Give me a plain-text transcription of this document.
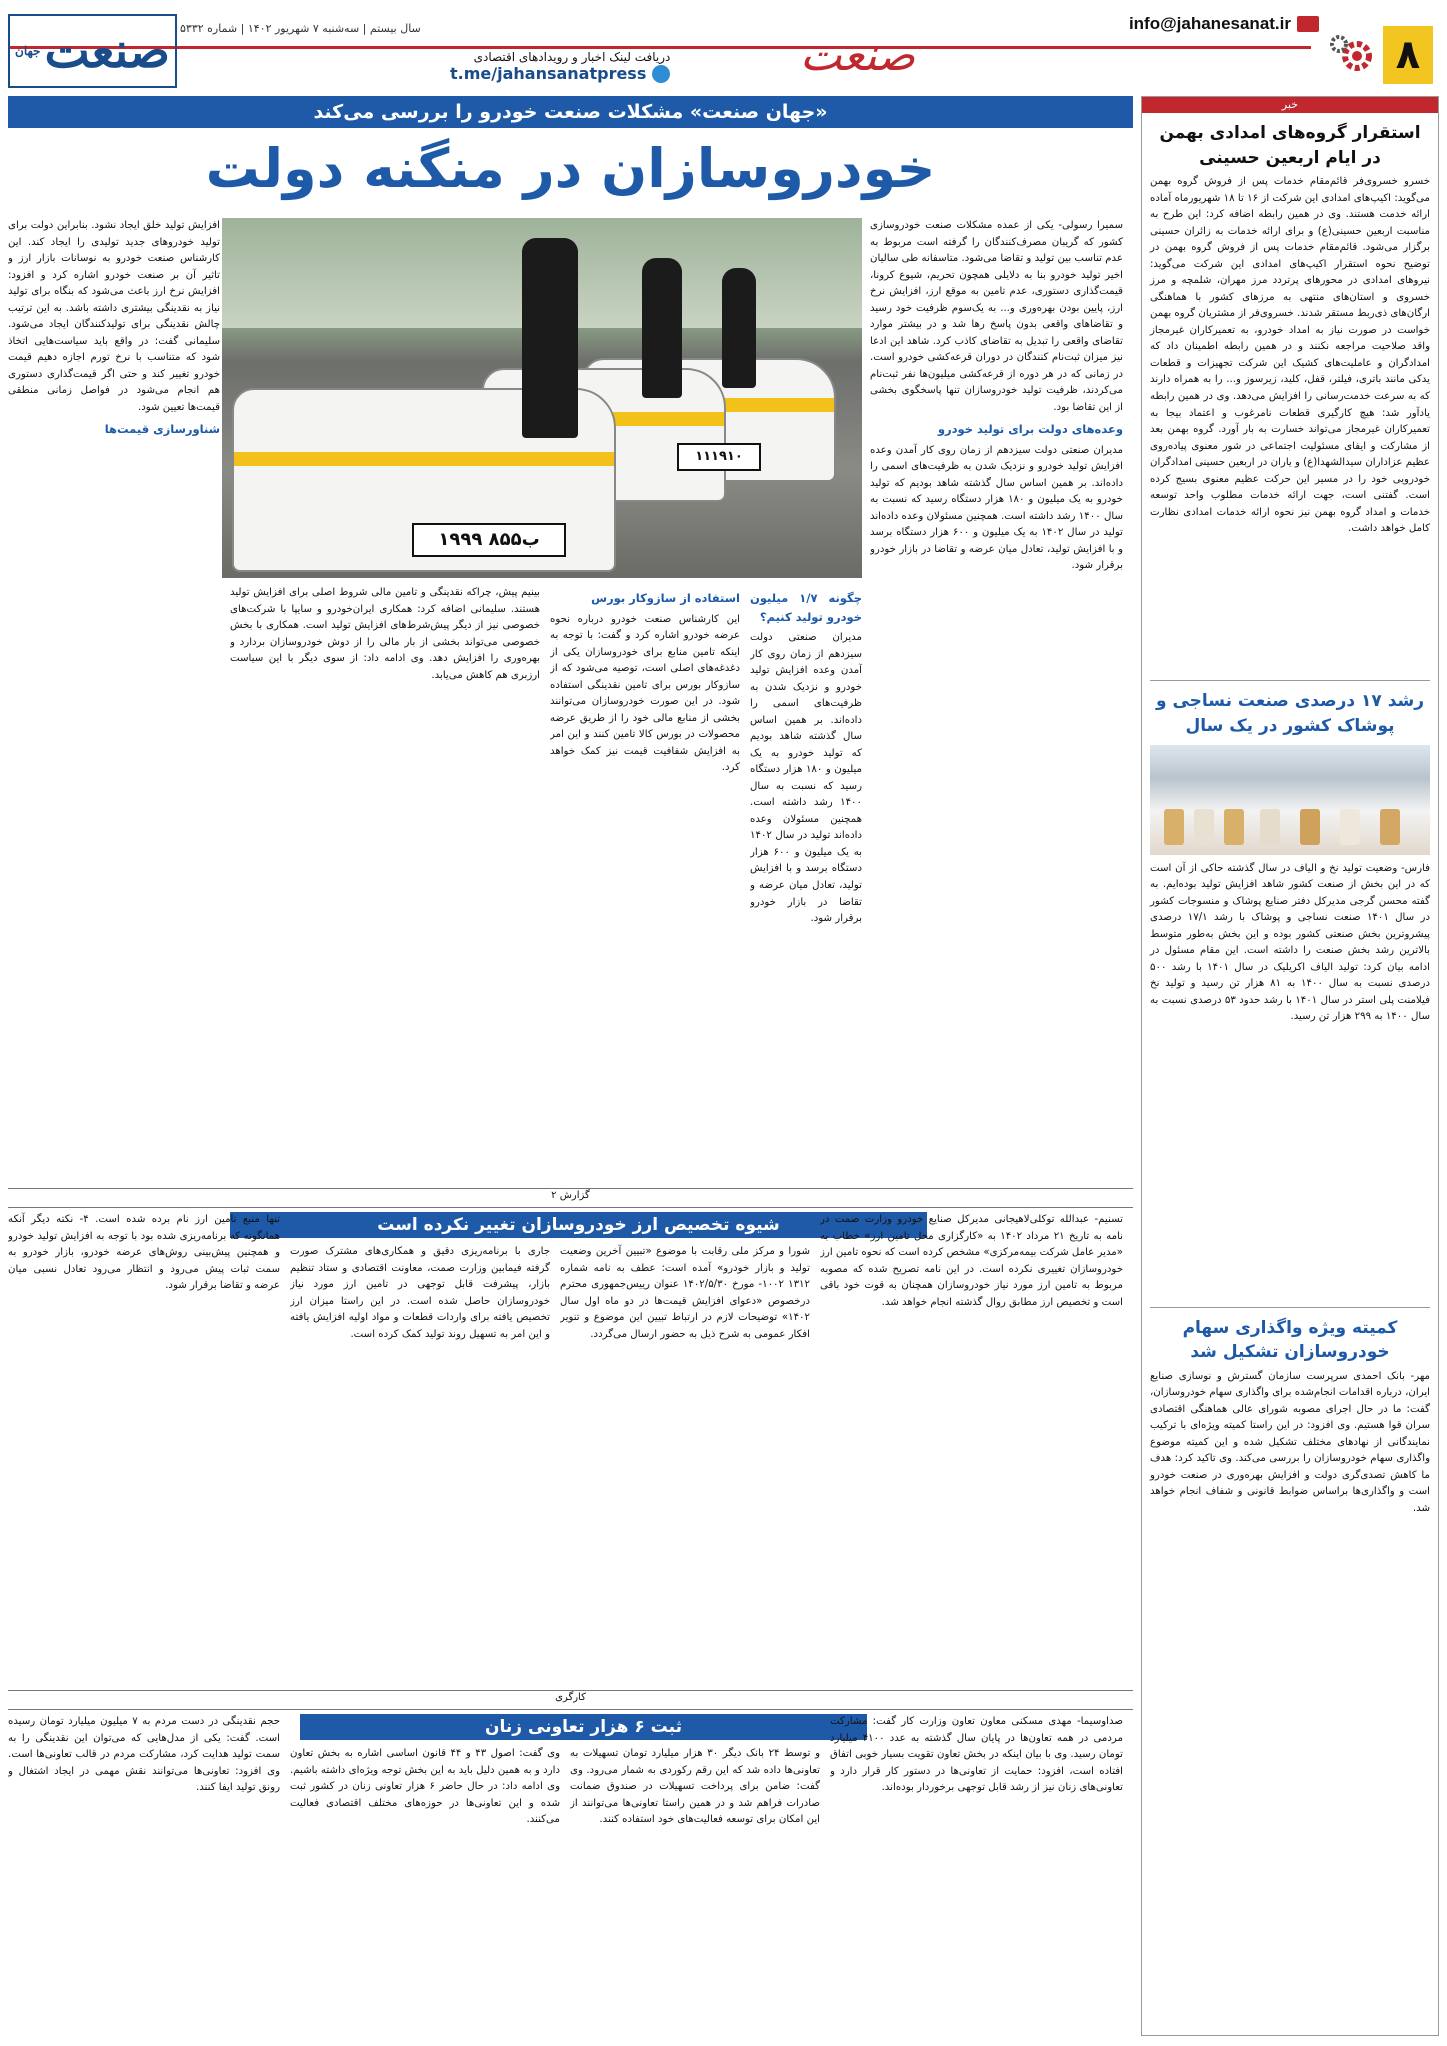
۸
info@jahanesanat.ir
صنعت
دریافت لینک اخبار و رویدادهای اقتصادی
t.me/jahansanatpress
سال بیستم | سه‌شنبه ۷ شهریور ۱۴۰۲ | شماره ۵۳۳۲
صنعت
جهان
خبر
استقرار گروه‌های امدادی بهمن در ایام اربعین حسینی
خسرو خسروی‌فر قائم‌مقام خدمات پس از فروش گروه بهمن می‌گوید: اکیپ‌های امدادی این شرکت از ۱۶ تا ۱۸ شهریورماه آماده ارائه خدمت هستند. وی در همین رابطه اضافه کرد: این طرح به مناسبت اربعین حسینی(ع) و برای ارائه خدمات به زائران حسینی برگزار می‌شود. قائم‌مقام خدمات پس از فروش گروه بهمن در توضیح نحوه استقرار اکیپ‌های امدادی این شرکت می‌گوید: نیروهای امدادی در محورهای پرتردد مرز مهران، شلمچه و مرز خسروی و استان‌های منتهی به مرزهای کشور با هماهنگی ارگان‌های ذی‌ربط مستقر شدند. خسروی‌فر از مشتریان گروه بهمن خواست در صورت نیاز به امداد خودرو، به تعمیرکاران غیرمجاز واقد صلاحیت مراجعه نکنند و در همین رابطه اطمینان داد که امدادگران و عاملیت‌های کشیک این شرکت تجهیزات و قطعات یدکی مانند باتری، فیلتر، قفل، کلید، زیرسوز و... را به همراه دارند که به سرعت خدمت‌رسانی را افزایش می‌دهد. وی در همین رابطه یادآور شد: هیچ کارگیری قطعات نامرغوب و اعتماد بیجا به تعمیرکاران غیرمجاز می‌تواند خسارت به بار آورد. گروه بهمن بعد از مشارکت و ایفای مسئولیت اجتماعی در شور معنوی پیاده‌روی عظیم عزاداران سیدالشهدا(ع) و یاران در اربعین حسینی امدادگران خودرویی خود را در مسیر این حرکت عظیم معنوی بسیج کرده است. گفتنی است، جهت ارائه خدمات مطلوب واحد توسعه خدمات و امداد گروه بهمن نیز نحوه ارائه خدمات امدادی نظارت کامل خواهد داشت.
رشد ۱۷ درصدی صنعت نساجی و پوشاک کشور در یک سال
فارس- وضعیت تولید نخ و الیاف در سال گذشته حاکی از آن است که در این بخش از صنعت کشور شاهد افزایش تولید بوده‌ایم. به گفته محسن گرجی مدیرکل دفتر صنایع پوشاک و منسوجات کشور در سال ۱۴۰۱ صنعت نساجی و پوشاک با رشد ۱۷/۱ درصدی پیشروترین بخش صنعتی کشور بوده و این بخش به‌طور متوسط بالاترین رشد بخش صنعت را داشته است. این مقام مسئول در ادامه بیان کرد: تولید الیاف اکریلیک در سال ۱۴۰۱ با رشد ۵۰۰ درصدی نسبت به سال ۱۴۰۰ به ۸۱ هزار تن رسید و تولید نخ فیلامنت پلی استر در سال ۱۴۰۱ با رشد حدود ۵۳ درصدی نسبت به سال ۱۴۰۰ به ۲۹۹ هزار تن رسید.
کمیته ویژه واگذاری سهام خودروسازان تشکیل شد
مهر- بانک احمدی سرپرست سازمان گسترش و نوسازی صنایع ایران، درباره اقدامات انجام‌شده برای واگذاری سهام خودروسازان، گفت: ما در حال اجرای مصوبه شورای عالی هماهنگی اقتصادی سران قوا هستیم. وی افزود: در این راستا کمیته ویژه‌ای با ترکیب نمایندگانی از نهادهای مختلف تشکیل شده و این کمیته موضوع واگذاری سهام خودروسازان را بررسی می‌کند. وی تاکید کرد: هدف ما کاهش تصدی‌گری دولت و افزایش بهره‌وری در صنعت خودرو است و واگذاری‌ها براساس ضوابط قانونی و شفاف انجام خواهد شد.
«جهان صنعت» مشکلات صنعت خودرو را بررسی می‌کند
خودروسازان در منگنه دولت
۱۹ب۸۵۵ ۹۹
۱۱۱۹۱۰
سمیرا رسولی- یکی از عمده مشکلات صنعت خودروسازی کشور که گریبان مصرف‌کنندگان را گرفته است مربوط به عدم تناسب بین تولید و تقاضا می‌شود. متاسفانه طی سالیان اخیر تولید خودرو بنا به دلایلی همچون تحریم، شیوع کرونا، قیمت‌گذاری دستوری، عدم تامین به موقع ارز، افزایش نرخ ارز، پایین بودن بهره‌وری و... به یک‌سوم ظرفیت خود رسید و تقاضاهای واقعی بدون پاسخ رها شد و در بیشتر موارد تقاضای واقعی را تبدیل به تقاضای کاذب کرد. شاهد این ادعا نیز میزان ثبت‌نام کنندگان در دوران قرعه‌کشی خودرو است. در زمانی که در هر دوره از قرعه‌کشی میلیون‌ها نفر ثبت‌نام می‌کردند، ظرفیت تولید خودروسازان تنها پاسخگوی بخشی از این تقاضا بود.
وعده‌های دولت برای تولید خودرو
مدیران صنعتی دولت سیزدهم از زمان روی کار آمدن وعده افزایش تولید خودرو و نزدیک شدن به ظرفیت‌های اسمی را داده‌اند. بر همین اساس سال گذشته شاهد بودیم که تولید خودرو به یک میلیون و ۱۸۰ هزار دستگاه رسید که نسبت به سال ۱۴۰۰ رشد داشته است. همچنین مسئولان وعده داده‌اند تولید در سال ۱۴۰۲ به یک میلیون و ۶۰۰ هزار دستگاه برسد و با افزایش تولید، تعادل میان عرضه و تقاضا در بازار خودرو برقرار شود.
چگونه ۱/۷ میلیون خودرو تولید کنیم؟
مدیران صنعتی دولت سیزدهم از زمان روی کار آمدن وعده افزایش تولید خودرو و نزدیک شدن به ظرفیت‌های اسمی را داده‌اند. بر همین اساس سال گذشته شاهد بودیم که تولید خودرو به یک میلیون و ۱۸۰ هزار دستگاه رسید که نسبت به سال ۱۴۰۰ رشد داشته است. همچنین مسئولان وعده داده‌اند تولید در سال ۱۴۰۲ به یک میلیون و ۶۰۰ هزار دستگاه برسد و با افزایش تولید، تعادل میان عرضه و تقاضا در بازار خودرو برقرار شود.
استفاده از سازوکار بورس
این کارشناس صنعت خودرو درباره نحوه عرضه خودرو اشاره کرد و گفت: با توجه به اینکه تامین منابع برای خودروسازان یکی از دغدغه‌های اصلی است، توصیه می‌شود که از سازوکار بورس برای تامین نقدینگی استفاده شود. در این صورت خودروسازان می‌توانند بخشی از منابع مالی خود را از طریق عرضه محصولات در بورس کالا تامین کنند و این امر به افزایش شفافیت قیمت نیز کمک خواهد کرد.
بینیم پیش، چراکه نقدینگی و تامین مالی شروط اصلی برای افزایش تولید هستند. سلیمانی اضافه کرد: همکاری ایران‌خودرو و سایپا با شرکت‌های خصوصی نیز از دیگر پیش‌شرط‌های افزایش تولید است. همکاری با بخش خصوصی می‌تواند بخشی از بار مالی را از دوش خودروسازان بردارد و بهره‌وری را افزایش دهد. وی ادامه داد: از سوی دیگر با این سیاست ارزبری هم کاهش می‌یابد.
افزایش تولید خلق ایجاد نشود. بنابراین دولت برای تولید خودروهای جدید تولیدی را ایجاد کند. این کارشناس صنعت خودرو به نوسانات بازار ارز و تاثیر آن بر صنعت خودرو اشاره کرد و افزود: افزایش نرخ ارز باعث می‌شود که بنگاه برای تولید نیاز به نقدینگی بیشتری داشته باشد. به این ترتیب چالش نقدینگی برای تولیدکنندگان ایجاد می‌شود. سلیمانی گفت: در واقع باید سیاست‌هایی اتخاذ شود که متناسب با نرخ تورم اجازه دهیم قیمت خودرو تغییر کند و حتی اگر قیمت‌گذاری دستوری هم انجام می‌شود در فواصل زمانی منطقی قیمت‌ها تعیین شود.
شناورسازی قیمت‌ها
گزارش ۲
شیوه تخصیص ارز خودروسازان تغییر نکرده است	تسنیم- عبدالله توکلی‌لاهیجانی مدیرکل صنایع خودرو وزارت صمت در نامه به تاریخ ۲۱ مرداد ۱۴۰۲ به «کارگزاری محل تامین ارز» خطاب به «مدیر عامل شرکت بیمه‌مرکزی» مشخص کرده است که نحوه تامین ارز خودروسازان تغییری نکرده است. در این نامه تصریح شده که مصوبه مربوط به تامین ارز مورد نیاز خودروسازان همچنان به قوت خود باقی است و تخصیص ارز مطابق روال گذشته انجام خواهد شد.
شورا و مرکز ملی رقابت با موضوع «تبیین آخرین وضعیت تولید و بازار خودرو» آمده است: عطف به نامه شماره ۱۳۱۲ ۱۰۰۲- مورخ ۱۴۰۲/۵/۳۰ عنوان رییس‌جمهوری محترم درخصوص «دعوای افزایش قیمت‌ها در دو ماه اول سال ۱۴۰۲» توضیحات لازم در ارتباط تبیین این موضوع و تنویر افکار عمومی به شرح ذیل به حضور ارسال می‌گردد.
جاری با برنامه‌ریزی دقیق و همکاری‌های مشترک صورت گرفته فیمابین وزارت صمت، معاونت اقتصادی و ستاد تنظیم بازار، پیشرفت قابل توجهی در تامین ارز مورد نیاز خودروسازان حاصل شده است. در این راستا میزان ارز تخصیص یافته برای واردات قطعات و مواد اولیه افزایش یافته و این امر به تسهیل روند تولید کمک کرده است.
تنها منبع تامین ارز نام برده شده است. ۴- نکته دیگر آنکه همانگونه که برنامه‌ریزی شده بود با توجه به افزایش تولید خودرو و همچنین پیش‌بینی روش‌های عرضه خودرو، بازار خودرو به سمت ثبات پیش می‌رود و انتظار می‌رود تعادل نسبی میان عرضه و تقاضا برقرار شود.
کارگری
ثبت ۶ هزار تعاونی زنان	صداوسیما- مهدی مسکنی معاون تعاون وزارت کار گفت: مشارکت مردمی در همه تعاون‌ها در پایان سال گذشته به عدد ۴۱۰۰ میلیارد تومان رسید. وی با بیان اینکه در بخش تعاون تقویت بسیار خوبی اتفاق افتاده است، افزود: حمایت از تعاونی‌ها در دستور کار قرار دارد و تعاونی‌های زنان نیز از رشد قابل توجهی برخوردار بوده‌اند.
و توسط ۲۴ بانک دیگر ۳۰ هزار میلیارد تومان تسهیلات به تعاونی‌ها داده شد که این رقم رکوردی به شمار می‌رود. وی گفت: ضامن برای پرداخت تسهیلات در صندوق ضمانت صادرات فراهم شد و در همین راستا تعاونی‌ها می‌توانند از این امکان برای توسعه فعالیت‌های خود استفاده کنند.
وی گفت: اصول ۴۳ و ۴۴ قانون اساسی اشاره به بخش تعاون دارد و به همین دلیل باید به این بخش توجه ویژه‌ای داشته باشیم. وی ادامه داد: در حال حاضر ۶ هزار تعاونی زنان در کشور ثبت شده و این تعاونی‌ها در حوزه‌های مختلف اقتصادی فعالیت می‌کنند.
حجم نقدینگی در دست مردم به ۷ میلیون میلیارد تومان رسیده است. گفت: یکی از مدل‌هایی که می‌توان این نقدینگی را به سمت تولید هدایت کرد، مشارکت مردم در قالب تعاونی‌ها است. وی افزود: تعاونی‌ها می‌توانند نقش مهمی در ایجاد اشتغال و رونق تولید ایفا کنند.
